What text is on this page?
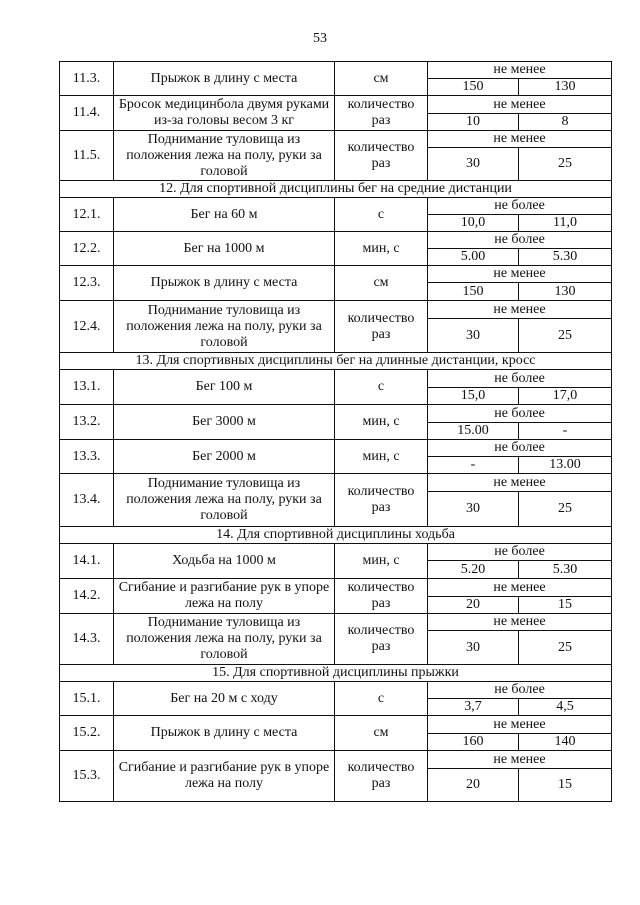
53
11.3.	Прыжок в длину с места	см	не менее	
			150	130
11.4.	Бросок медицинбола двумя руками из-за головы весом 3 кг	количество раз	не менее	
			10	8
11.5.	Поднимание туловища из положения лежа на полу, руки за головой	количество раз	не менее	
			30	25
12. Для спортивной дисциплины бег на средние дистанции				
12.1.	Бег на 60 м	с	не более	
			10,0	11,0
12.2.	Бег на 1000 м	мин, с	не более	
			5.00	5.30
12.3.	Прыжок в длину с места	см	не менее	
			150	130
12.4.	Поднимание туловища из положения лежа на полу, руки за головой	количество раз	не менее	
			30	25
13. Для спортивных дисциплины бег на длинные дистанции, кросс				
13.1.	Бег 100 м	с	не более	
			15,0	17,0
13.2.	Бег 3000 м	мин, с	не более	
			15.00	-
13.3.	Бег 2000 м	мин, с	не более	
			-	13.00
13.4.	Поднимание туловища из положения лежа на полу, руки за головой	количество раз	не менее	
			30	25
14. Для спортивной дисциплины ходьба				
14.1.	Ходьба на 1000 м	мин, с	не более	
			5.20	5.30
14.2.	Сгибание и разгибание рук в упоре лежа на полу	количество раз	не менее	
			20	15
14.3.	Поднимание туловища из положения лежа на полу, руки за головой	количество раз	не менее	
			30	25
15. Для спортивной дисциплины прыжки				
15.1.	Бег на 20 м с ходу	с	не более	
			3,7	4,5
15.2.	Прыжок в длину с места	см	не менее	
			160	140
15.3.	Сгибание и разгибание рук в упоре лежа на полу	количество раз	не менее	
			20	15
